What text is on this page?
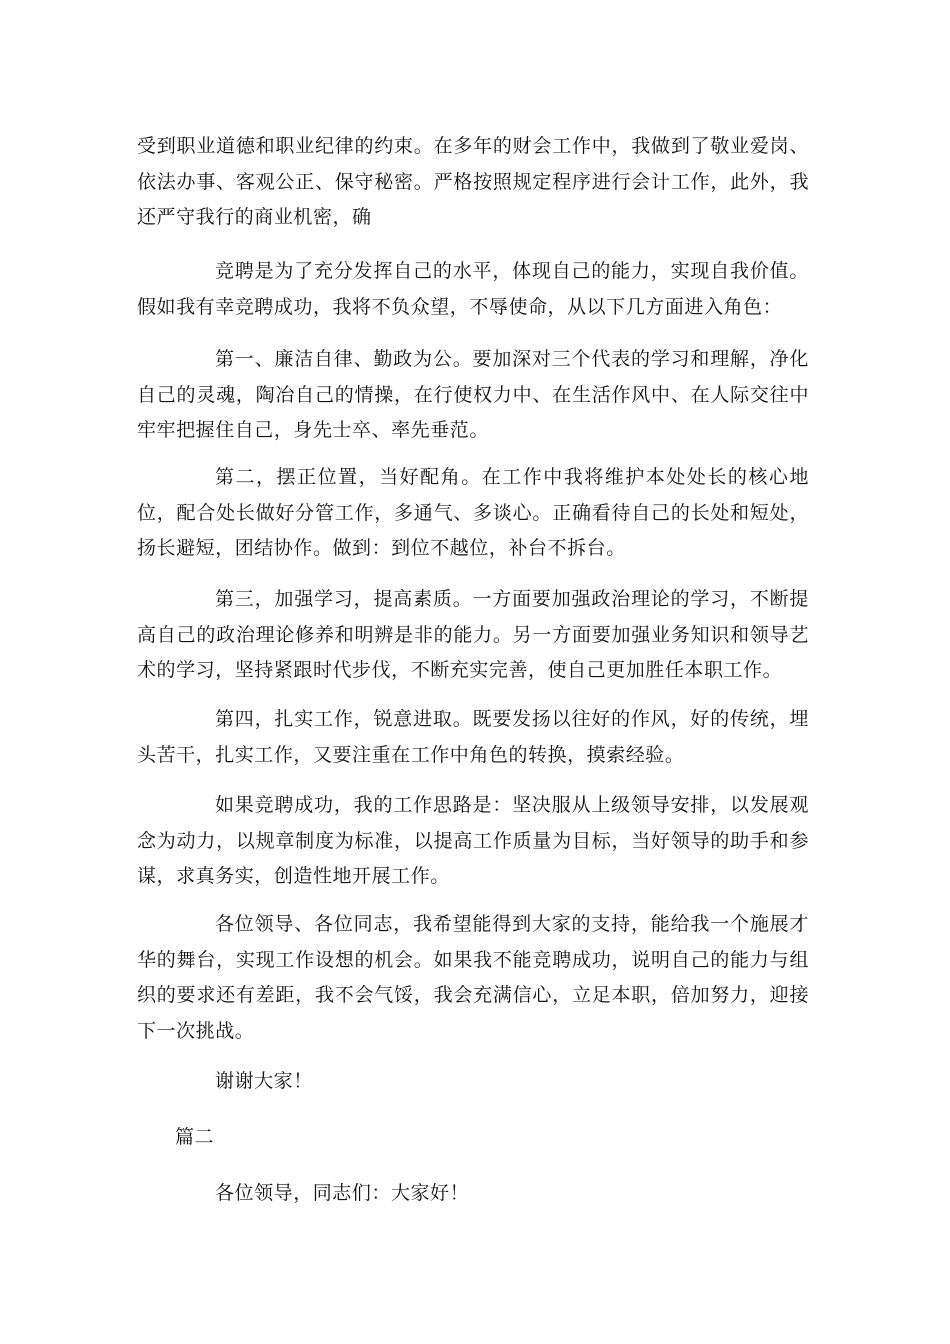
受到职业道德和职业纪律的约束。在多年的财会工作中，我做到了敬业爱岗、依法办事、客观公正、保守秘密。严格按照规定程序进行会计工作，此外，我还严守我行的商业机密，确

竞聘是为了充分发挥自己的水平，体现自己的能力，实现自我价值。假如我有幸竞聘成功，我将不负众望，不辱使命，从以下几方面进入角色：

第一、廉洁自律、勤政为公。要加深对三个代表的学习和理解，净化自己的灵魂，陶冶自己的情操，在行使权力中、在生活作风中、在人际交往中牢牢把握住自己，身先士卒、率先垂范。

第二，摆正位置，当好配角。在工作中我将维护本处处长的核心地位，配合处长做好分管工作，多通气、多谈心。正确看待自己的长处和短处，扬长避短，团结协作。做到：到位不越位，补台不拆台。

第三，加强学习，提高素质。一方面要加强政治理论的学习，不断提高自己的政治理论修养和明辨是非的能力。另一方面要加强业务知识和领导艺术的学习，坚持紧跟时代步伐，不断充实完善，使自己更加胜任本职工作。

第四，扎实工作，锐意进取。既要发扬以往好的作风，好的传统，埋头苦干，扎实工作，又要注重在工作中角色的转换，摸索经验。

如果竞聘成功，我的工作思路是：坚决服从上级领导安排，以发展观念为动力，以规章制度为标准，以提高工作质量为目标，当好领导的助手和参谋，求真务实，创造性地开展工作。

各位领导、各位同志，我希望能得到大家的支持，能给我一个施展才华的舞台，实现工作设想的机会。如果我不能竞聘成功，说明自己的能力与组织的要求还有差距，我不会气馁，我会充满信心，立足本职，倍加努力，迎接下一次挑战。

谢谢大家！

篇二

各位领导，同志们：大家好！
